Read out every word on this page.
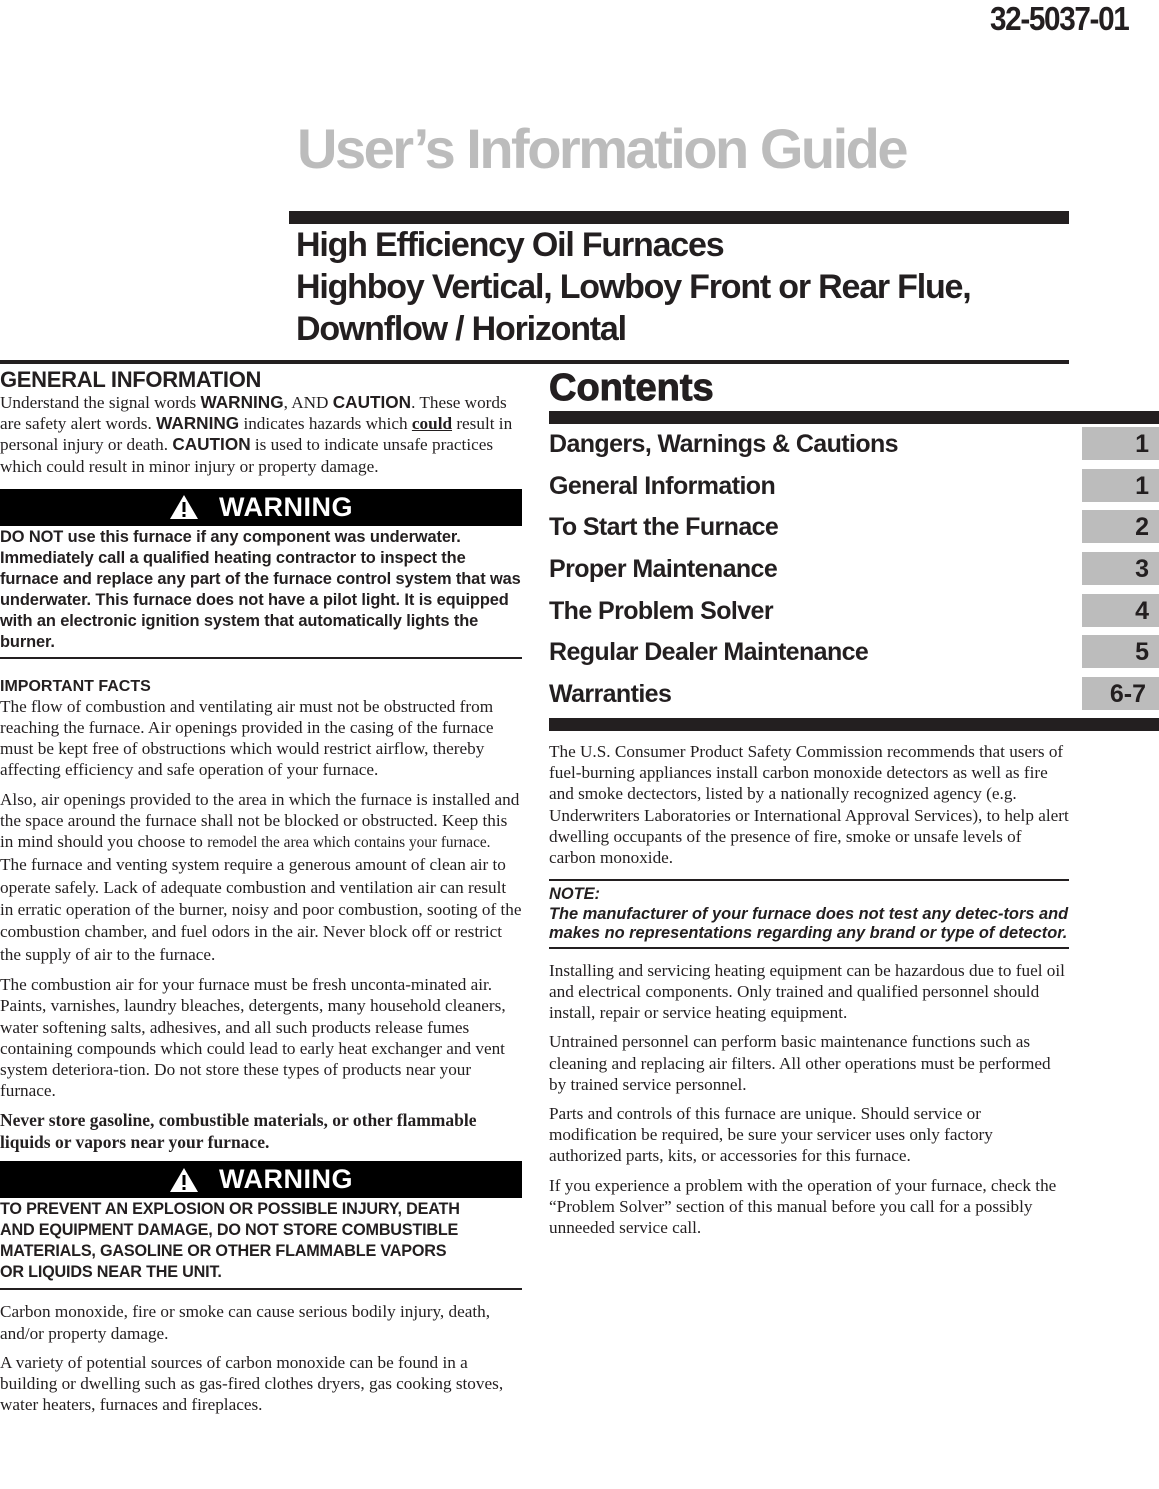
32-5037-01
User’s Information Guide
High Efficiency Oil Furnaces
Highboy Vertical, Lowboy Front or Rear Flue,
Downflow / Horizontal
GENERAL INFORMATION
Understand the signal words WARNING, AND CAUTION. These words are safety alert words. WARNING indicates hazards which could result in personal injury or death. CAUTION is used to indicate unsafe practices which could result in minor injury or property damage.
WARNING
DO NOT use this furnace if any component was underwater. Immediately call a qualified heating contractor to inspect the furnace and replace any part of the furnace control system that was underwater. This furnace does not have a pilot light. It is equipped with an electronic ignition system that automatically lights the burner.
IMPORTANT FACTS
The flow of combustion and ventilating air must not be obstructed from reaching the furnace. Air openings provided in the casing of the furnace must be kept free of obstructions which would restrict airflow, thereby affecting efficiency and safe operation of your furnace.
Also, air openings provided to the area in which the furnace is installed and the space around the furnace shall not be blocked or obstructed. Keep this in mind should you choose to remodel the area which contains your furnace.
The furnace and venting system require a generous amount of clean air to operate safely. Lack of adequate combustion and ventilation air can result in erratic operation of the burner, noisy and poor combustion, sooting of the combustion chamber, and fuel odors in the air. Never block off or restrict the supply of air to the furnace.
The combustion air for your furnace must be fresh unconta-minated air. Paints, varnishes, laundry bleaches, detergents, many household cleaners, water softening salts, adhesives, and all such products release fumes containing compounds which could lead to early heat exchanger and vent system deteriora-tion. Do not store these types of products near your furnace.
Never store gasoline, combustible materials, or other flammable liquids or vapors near your furnace.
WARNING
TO PREVENT AN EXPLOSION OR POSSIBLE INJURY, DEATH AND EQUIPMENT DAMAGE, DO NOT STORE COMBUSTIBLE MATERIALS, GASOLINE OR OTHER FLAMMABLE VAPORS OR LIQUIDS NEAR THE UNIT.
Carbon monoxide, fire or smoke can cause serious bodily injury, death, and/or property damage.
A variety of potential sources of carbon monoxide can be found in a building or dwelling such as gas-fired clothes dryers, gas cooking stoves, water heaters, furnaces and fireplaces.
Contents
Dangers, Warnings & Cautions	1
General Information	1
To Start the Furnace	2
Proper Maintenance	3
The Problem Solver	4
Regular Dealer Maintenance	5
Warranties	6-7
The U.S. Consumer Product Safety Commission recommends that users of fuel-burning appliances install carbon monoxide detectors as well as fire and smoke dectectors, listed by a nationally recognized agency (e.g. Underwriters Laboratories or International Approval Services), to help alert dwelling occupants of the presence of fire, smoke or unsafe levels of carbon monoxide.
NOTE:
The manufacturer of your furnace does not test any detec-tors and makes no representations regarding any brand or type of detector.
Installing and servicing heating equipment can be hazardous due to fuel oil and electrical components. Only trained and qualified personnel should install, repair or service heating equipment.
Untrained personnel can perform basic maintenance functions such as cleaning and replacing air filters. All other operations must be performed by trained service personnel.
Parts and controls of this furnace are unique. Should service or modification be required, be sure your servicer uses only factory authorized parts, kits, or accessories for this furnace.
If you experience a problem with the operation of your furnace, check the “Problem Solver” section of this manual before you call for a possibly unneeded service call.
